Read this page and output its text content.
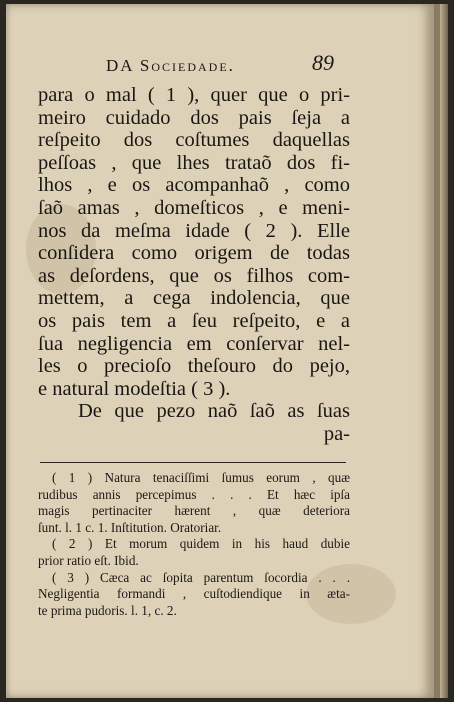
DA Sociedade.	89
para o mal ( 1 ), quer que o pri-
meiro cuidado dos pais ſeja a
reſpeito dos coſtumes daquellas
peſſoas , que lhes trataõ dos fi-
lhos , e os acompanhaõ , como
ſaõ amas , domeſticos , e meni-
nos da meſma idade ( 2 ). Elle
conſidera como origem de todas
as deſordens, que os filhos com-
mettem, a cega indolencia, que
os pais tem a ſeu reſpeito, e a
ſua negligencia em conſervar nel-
les o precioſo theſouro do pejo,
e natural modeſtia ( 3 ).
De que pezo naõ ſaõ as ſuas
pa-
( 1 ) Natura tenaciſſimi ſumus eorum , quæ
rudibus annis percepimus . . . Et hæc ipſa
magis pertinaciter hærent , quæ deteriora
ſunt. l. 1 c. 1. Inſtitution. Oratoriar.
( 2 ) Et morum quidem in his haud dubie
prior ratio eſt. Ibid.
( 3 ) Cæca ac ſopita parentum ſocordia . . .
Negligentia formandi , cuſtodiendique in æta-
te prima pudoris. l. 1, c. 2.
